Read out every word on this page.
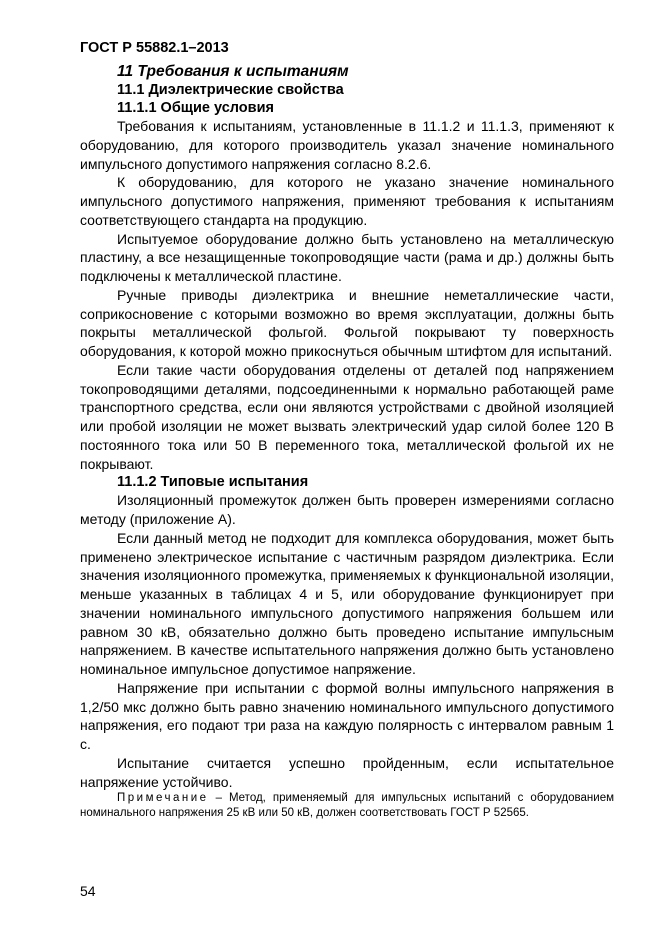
ГОСТ Р 55882.1–2013
11 Требования к испытаниям
11.1 Диэлектрические свойства
11.1.1 Общие условия

Требования к испытаниям, установленные в 11.1.2 и 11.1.3, применяют к оборудованию, для которого производитель указал значение номинального импульсного допустимого напряжения согласно 8.2.6.

К оборудованию, для которого не указано значение номинального импульсного допустимого напряжения, применяют требования к испытаниям соответствующего стандарта на продукцию.

Испытуемое оборудование должно быть установлено на металлическую пластину, а все незащищенные токопроводящие части (рама и др.) должны быть подключены к металлической пластине.

Ручные приводы диэлектрика и внешние неметаллические части, соприкосновение с которыми возможно во время эксплуатации, должны быть покрыты металлической фольгой. Фольгой покрывают ту поверхность оборудования, к которой можно прикоснуться обычным штифтом для испытаний.

Если такие части оборудования отделены от деталей под напряжением токопроводящими деталями, подсоединенными к нормально работающей раме транспортного средства, если они являются устройствами с двойной изоляцией или пробой изоляции не может вызвать электрический удар силой более 120 В постоянного тока или 50 В переменного тока, металлической фольгой их не покрывают.

11.1.2 Типовые испытания

Изоляционный промежуток должен быть проверен измерениями согласно методу (приложение А).

Если данный метод не подходит для комплекса оборудования, может быть применено электрическое испытание с частичным разрядом диэлектрика. Если значения изоляционного промежутка, применяемых к функциональной изоляции, меньше указанных в таблицах 4 и 5, или оборудование функционирует при значении номинального импульсного допустимого напряжения большем или равном 30 кВ, обязательно должно быть проведено испытание импульсным напряжением. В качестве испытательного напряжения должно быть установлено номинальное импульсное допустимое напряжение.

Напряжение при испытании с формой волны импульсного напряжения в 1,2/50 мкс должно быть равно значению номинального импульсного допустимого напряжения, его подают три раза на каждую полярность с интервалом равным 1 с.

Испытание считается успешно пройденным, если испытательное напряжение устойчиво.

Примечание – Метод, применяемый для импульсных испытаний с оборудованием номинального напряжения 25 кВ или 50 кВ, должен соответствовать ГОСТ Р 52565.

54
